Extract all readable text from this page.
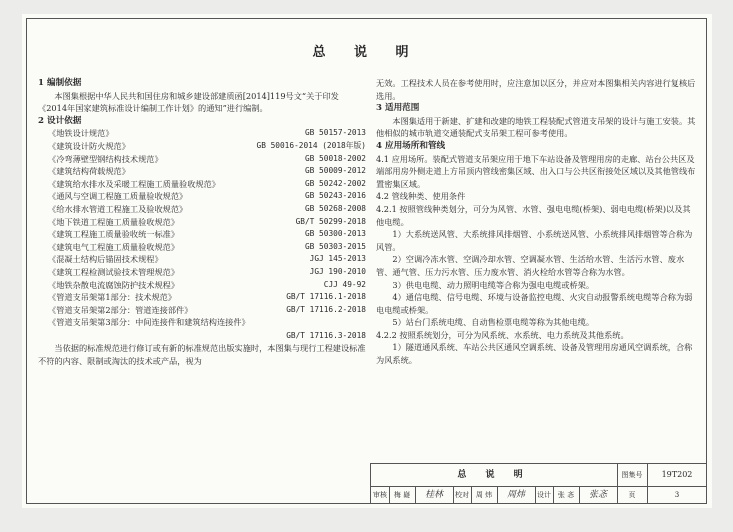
总 说 明
1 编制依据
本图集根据中华人民共和国住房和城乡建设部建质函[2014]119号文“关于印发《2014年国家建筑标准设计编制工作计划》的通知”进行编制。
2 设计依据
《地铁设计规范》	GB 50157-2013
《建筑设计防火规范》	GB 50016-2014 (2018年版)
《冷弯薄壁型钢结构技术规范》	GB 50018-2002
《建筑结构荷载规范》	GB 50009-2012
《建筑给水排水及采暖工程施工质量验收规范》	GB 50242-2002
《通风与空调工程施工质量验收规范》	GB 50243-2016
《给水排水管道工程施工及验收规范》	GB 50268-2008
《地下铁道工程施工质量验收规范》	GB/T 50299-2018
《建筑工程施工质量验收统一标准》	GB 50300-2013
《建筑电气工程施工质量验收规范》	GB 50303-2015
《混凝土结构后锚固技术规程》	JGJ 145-2013
《建筑工程检测试验技术管理规范》	JGJ 190-2010
《地铁杂散电流腐蚀防护技术规程》	CJJ 49-92
《管道支吊架第1部分：技术规范》	GB/T 17116.1-2018
《管道支吊架第2部分：管道连接部件》	GB/T 17116.2-2018
《管道支吊架第3部分：中间连接件和建筑结构连接件》
GB/T 17116.3-2018
当依据的标准规范进行修订或有新的标准规范出版实施时，本图集与现行工程建设标准不符的内容、限制或淘汰的技术或产品，视为
无效。工程技术人员在参考使用时，应注意加以区分，并应对本图集相关内容进行复核后选用。
3 适用范围
本图集适用于新建、扩建和改建的地铁工程装配式管道支吊架的设计与施工安装。其他相似的城市轨道交通装配式支吊架工程可参考使用。
4 应用场所和管线
4.1 应用场所。装配式管道支吊架应用于地下车站设备及管理用房的走廊、站台公共区及端部用房外侧走道上方吊顶内管线密集区域、出入口与公共区衔接处区域以及其他管线布置密集区域。
4.2 管线种类、使用条件
4.2.1 按照管线种类划分，可分为风管、水管、强电电缆(桥架)、弱电电缆(桥架)以及其他电缆。
1）大系统送风管、大系统排风排烟管、小系统送风管、小系统排风排烟管等合称为风管。
2）空调冷冻水管、空调冷却水管、空调凝水管、生活给水管、生活污水管、废水管、通气管、压力污水管、压力废水管、消火栓给水管等合称为水管。
3）供电电缆、动力照明电缆等合称为强电电缆或桥架。
4）通信电缆、信号电缆、环境与设备监控电缆、火灾自动报警系统电缆等合称为弱电电缆或桥架。
5）站台门系统电缆、自动售检票电缆等称为其他电缆。
4.2.2 按照系统划分，可分为风系统、水系统、电力系统及其他系统。
1）隧道通风系统、车站公共区通风空调系统、设备及管理用房通风空调系统，合称为风系统。
总 说 明	图集号	19T202
审核 梅 嶷	桂林	校对 周 炜	周炜	设计 张 忞	张忞	页	3
